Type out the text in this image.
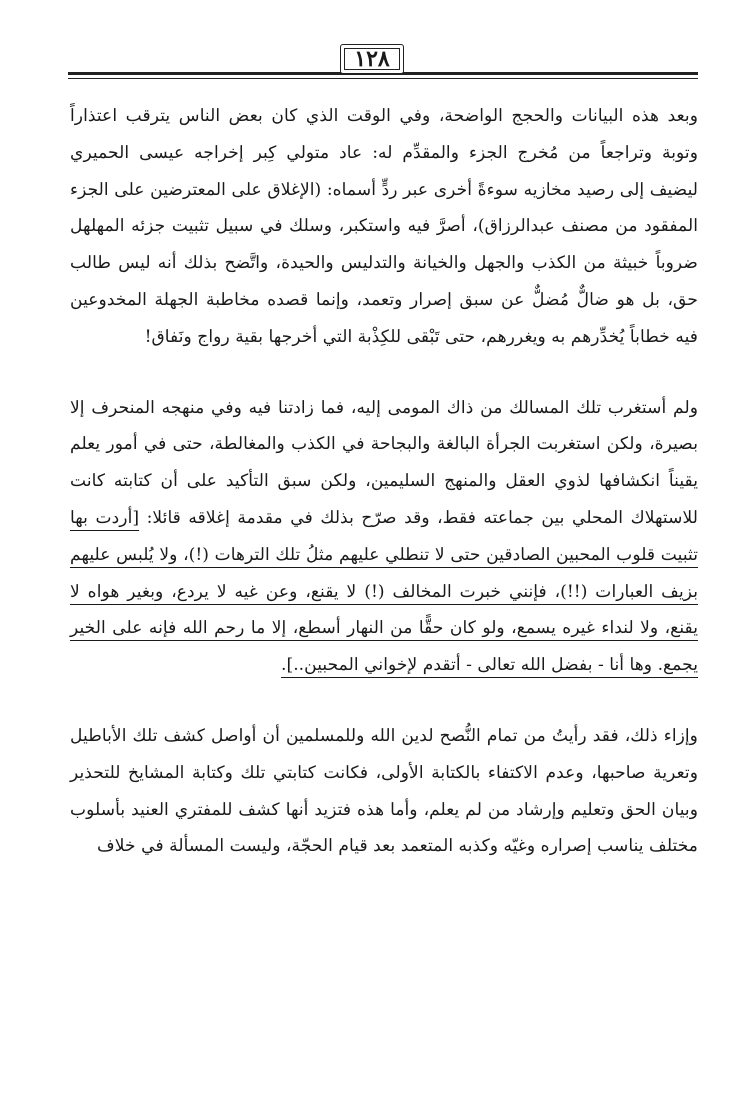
١٢٨

وبعد هذه البيانات والحجج الواضحة، وفي الوقت الذي كان بعض الناس يترقب اعتذاراً وتوبة وتراجعاً من مُخرج الجزء والمقدِّم له: عاد متولي كِبر إخراجه عيسى الحميري ليضيف إلى رصيد مخازيه سوءةً أخرى عبر ردٍّ أسماه: (الإغلاق على المعترضين على الجزء المفقود من مصنف عبدالرزاق)، أصرَّ فيه واستكبر، وسلك في سبيل تثبيت جزئه المهلهل ضروباً خبيثة من الكذب والجهل والخيانة والتدليس والحيدة، واتَّضح بذلك أنه ليس طالب حق، بل هو ضالٌّ مُضلٌّ عن سبق إصرار وتعمد، وإنما قصده مخاطبة الجهلة المخدوعين فيه خطاباً يُخدِّرهم به ويغررهم، حتى تَبْقى للكِذْبة التي أخرجها بقية رواج ونَفاق!

ولم أستغرب تلك المسالك من ذاك المومى إليه، فما زادتنا فيه وفي منهجه المنحرف إلا بصيرة، ولكن استغربت الجرأة البالغة والبجاحة في الكذب والمغالطة، حتى في أمور يعلم يقيناً انكشافها لذوي العقل والمنهج السليمين، ولكن سبق التأكيد على أن كتابته كانت للاستهلاك المحلي بين جماعته فقط، وقد صرّح بذلك في مقدمة إغلاقه قائلا: [أردت بها تثبيت قلوب المحبين الصادقين حتى لا تنطلي عليهم مثلُ تلك الترهات (!)، ولا يُلبس عليهم بزيف العبارات (!!)، فإنني خبرت المخالف (!) لا يقنع، وعن غيه لا يردع، وبغير هواه لا يقنع، ولا لنداء غيره يسمع، ولو كان حقًّا من النهار أسطع، إلا ما رحم الله فإنه على الخير يجمع. وها أنا - بفضل الله تعالى - أتقدم لإخواني المحبين..].

وإزاء ذلك، فقد رأيتُ من تمام النُّصح لدين الله وللمسلمين أن أواصل كشف تلك الأباطيل وتعرية صاحبها، وعدم الاكتفاء بالكتابة الأولى، فكانت كتابتي تلك وكتابة المشايخ للتحذير وبيان الحق وتعليم وإرشاد من لم يعلم، وأما هذه فتزيد أنها كشف للمفتري العنيد بأسلوب مختلف يناسب إصراره وغيّه وكذبه المتعمد بعد قيام الحجّة، وليست المسألة في خلاف
